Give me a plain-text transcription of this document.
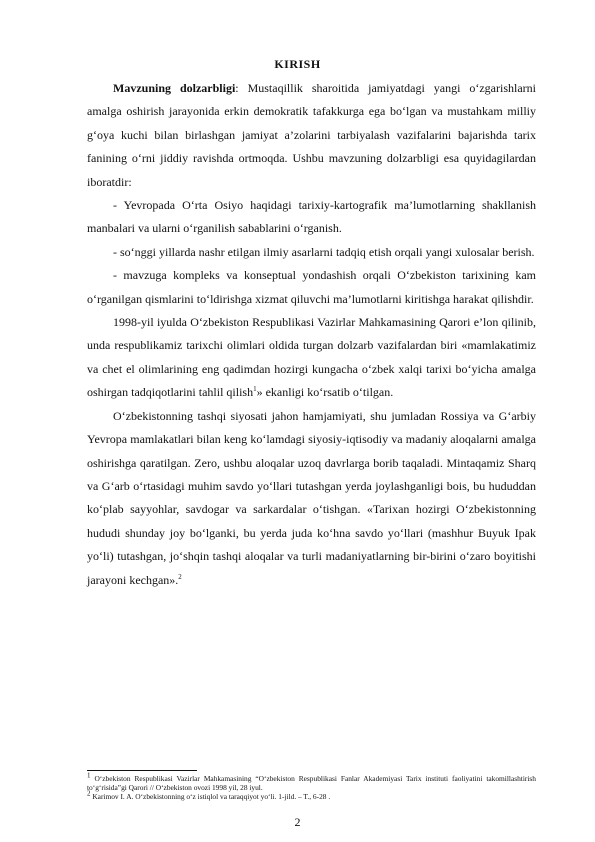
KIRISH

Mavzuning dolzarbligi: Mustaqillik sharoitida jamiyatdagi yangi o‘zgarishlarni amalga oshirish jarayonida erkin demokratik tafakkurga ega bo‘lgan va mustahkam milliy g‘oya kuchi bilan birlashgan jamiyat a’zolarini tarbiyalash vazifalarini bajarishda tarix fanining o‘rni jiddiy ravishda ortmoqda. Ushbu mavzuning dolzarbligi esa quyidagilardan iboratdir:

- Yevropada O‘rta Osiyo haqidagi tarixiy-kartografik ma’lumotlarning shakllanish manbalari va ularni o‘rganilish sabablarini o‘rganish.

- so‘nggi yillarda nashr etilgan ilmiy asarlarni tadqiq etish orqali yangi xulosalar berish.

- mavzuga kompleks va konseptual yondashish orqali O‘zbekiston tarixining kam o‘rganilgan qismlarini to‘ldirishga xizmat qiluvchi ma’lumotlarni kiritishga harakat qilishdir.

1998-yil iyulda O‘zbekiston Respublikasi Vazirlar Mahkamasining Qarori e’lon qilinib, unda respublikamiz tarixchi olimlari oldida turgan dolzarb vazifalardan biri «mamlakatimiz va chet el olimlarining eng qadimdan hozirgi kungacha o‘zbek xalqi tarixi bo‘yicha amalga oshirgan tadqiqotlarini tahlil qilish$^1$» ekanligi ko‘rsatib o‘tilgan.

O‘zbekistonning tashqi siyosati jahon hamjamiyati, shu jumladan Rossiya va G‘arbiy Yevropa mamlakatlari bilan keng ko‘lamdagi siyosiy-iqtisodiy va madaniy aloqalarni amalga oshirishga qaratilgan. Zero, ushbu aloqalar uzoq davrlarga borib taqaladi. Mintaqamiz Sharq va G‘arb o‘rtasidagi muhim savdo yo‘llari tutashgan yerda joylashganligi bois, bu hududdan ko‘plab sayyohlar, savdogar va sarkardalar o‘tishgan. «Tarixan hozirgi O‘zbekistonning hududi shunday joy bo‘lganki, bu yerda juda ko‘hna savdo yo‘llari (mashhur Buyuk Ipak yo‘li) tutashgan, jo‘shqin tashqi aloqalar va turli madaniyatlarning bir-birini o‘zaro boyitishi jarayoni kechgan».$^2$

$^1$ O‘zbekiston Respublikasi Vazirlar Mahkamasining “O‘zbekiston Respublikasi Fanlar Akademiyasi Tarix instituti faoliyatini takomillashtirish to‘g‘risida”gi Qarori // O‘zbekiston ovozi 1998 yil, 28 iyul.

$^2$ Karimov I. A. O‘zbekistonning o‘z istiqlol va taraqqiyot yo‘li. 1-jild. – T., 6-28 .

2
